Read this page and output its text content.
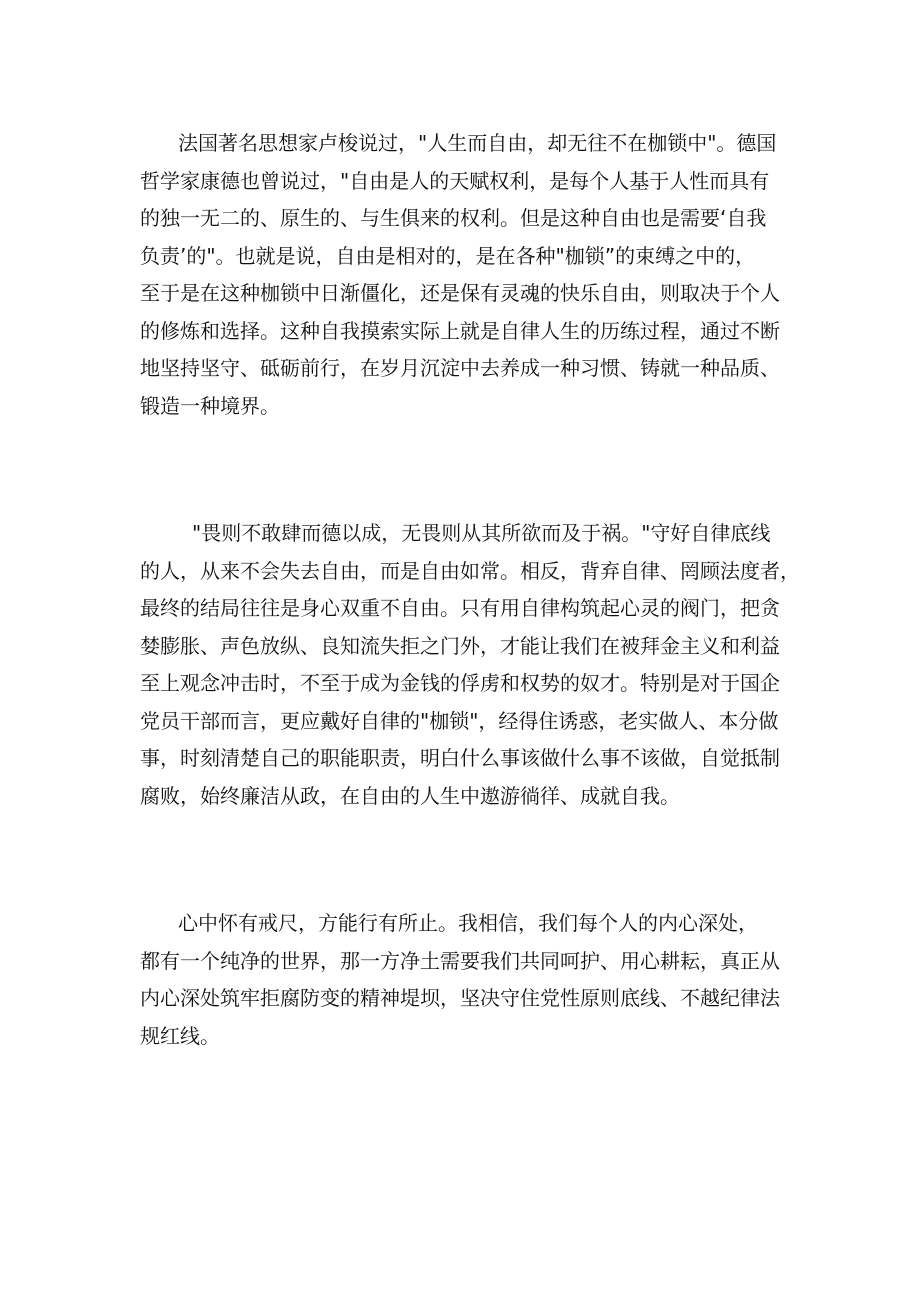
法国著名思想家卢梭说过，"人生而自由，却无往不在枷锁中"。德国
哲学家康德也曾说过，"自由是人的天赋权利，是每个人基于人性而具有
的独一无二的、原生的、与生俱来的权利。但是这种自由也是需要‘自我
负责’的"。也就是说，自由是相对的，是在各种"枷锁”的束缚之中的，
至于是在这种枷锁中日渐僵化，还是保有灵魂的快乐自由，则取决于个人
的修炼和选择。这种自我摸索实际上就是自律人生的历练过程，通过不断
地坚持坚守、砥砺前行，在岁月沉淀中去养成一种习惯、铸就一种品质、
锻造一种境界。

"畏则不敢肆而德以成，无畏则从其所欲而及于祸。"守好自律底线
的人，从来不会失去自由，而是自由如常。相反，背弃自律、罔顾法度者，
最终的结局往往是身心双重不自由。只有用自律构筑起心灵的阀门，把贪
婪膨胀、声色放纵、良知流失拒之门外，才能让我们在被拜金主义和利益
至上观念冲击时，不至于成为金钱的俘虏和权势的奴才。特别是对于国企
党员干部而言，更应戴好自律的"枷锁"，经得住诱惑，老实做人、本分做
事，时刻清楚自己的职能职责，明白什么事该做什么事不该做，自觉抵制
腐败，始终廉洁从政，在自由的人生中遨游徜徉、成就自我。

心中怀有戒尺，方能行有所止。我相信，我们每个人的内心深处，
都有一个纯净的世界，那一方净土需要我们共同呵护、用心耕耘，真正从
内心深处筑牢拒腐防变的精神堤坝，坚决守住党性原则底线、不越纪律法
规红线。
